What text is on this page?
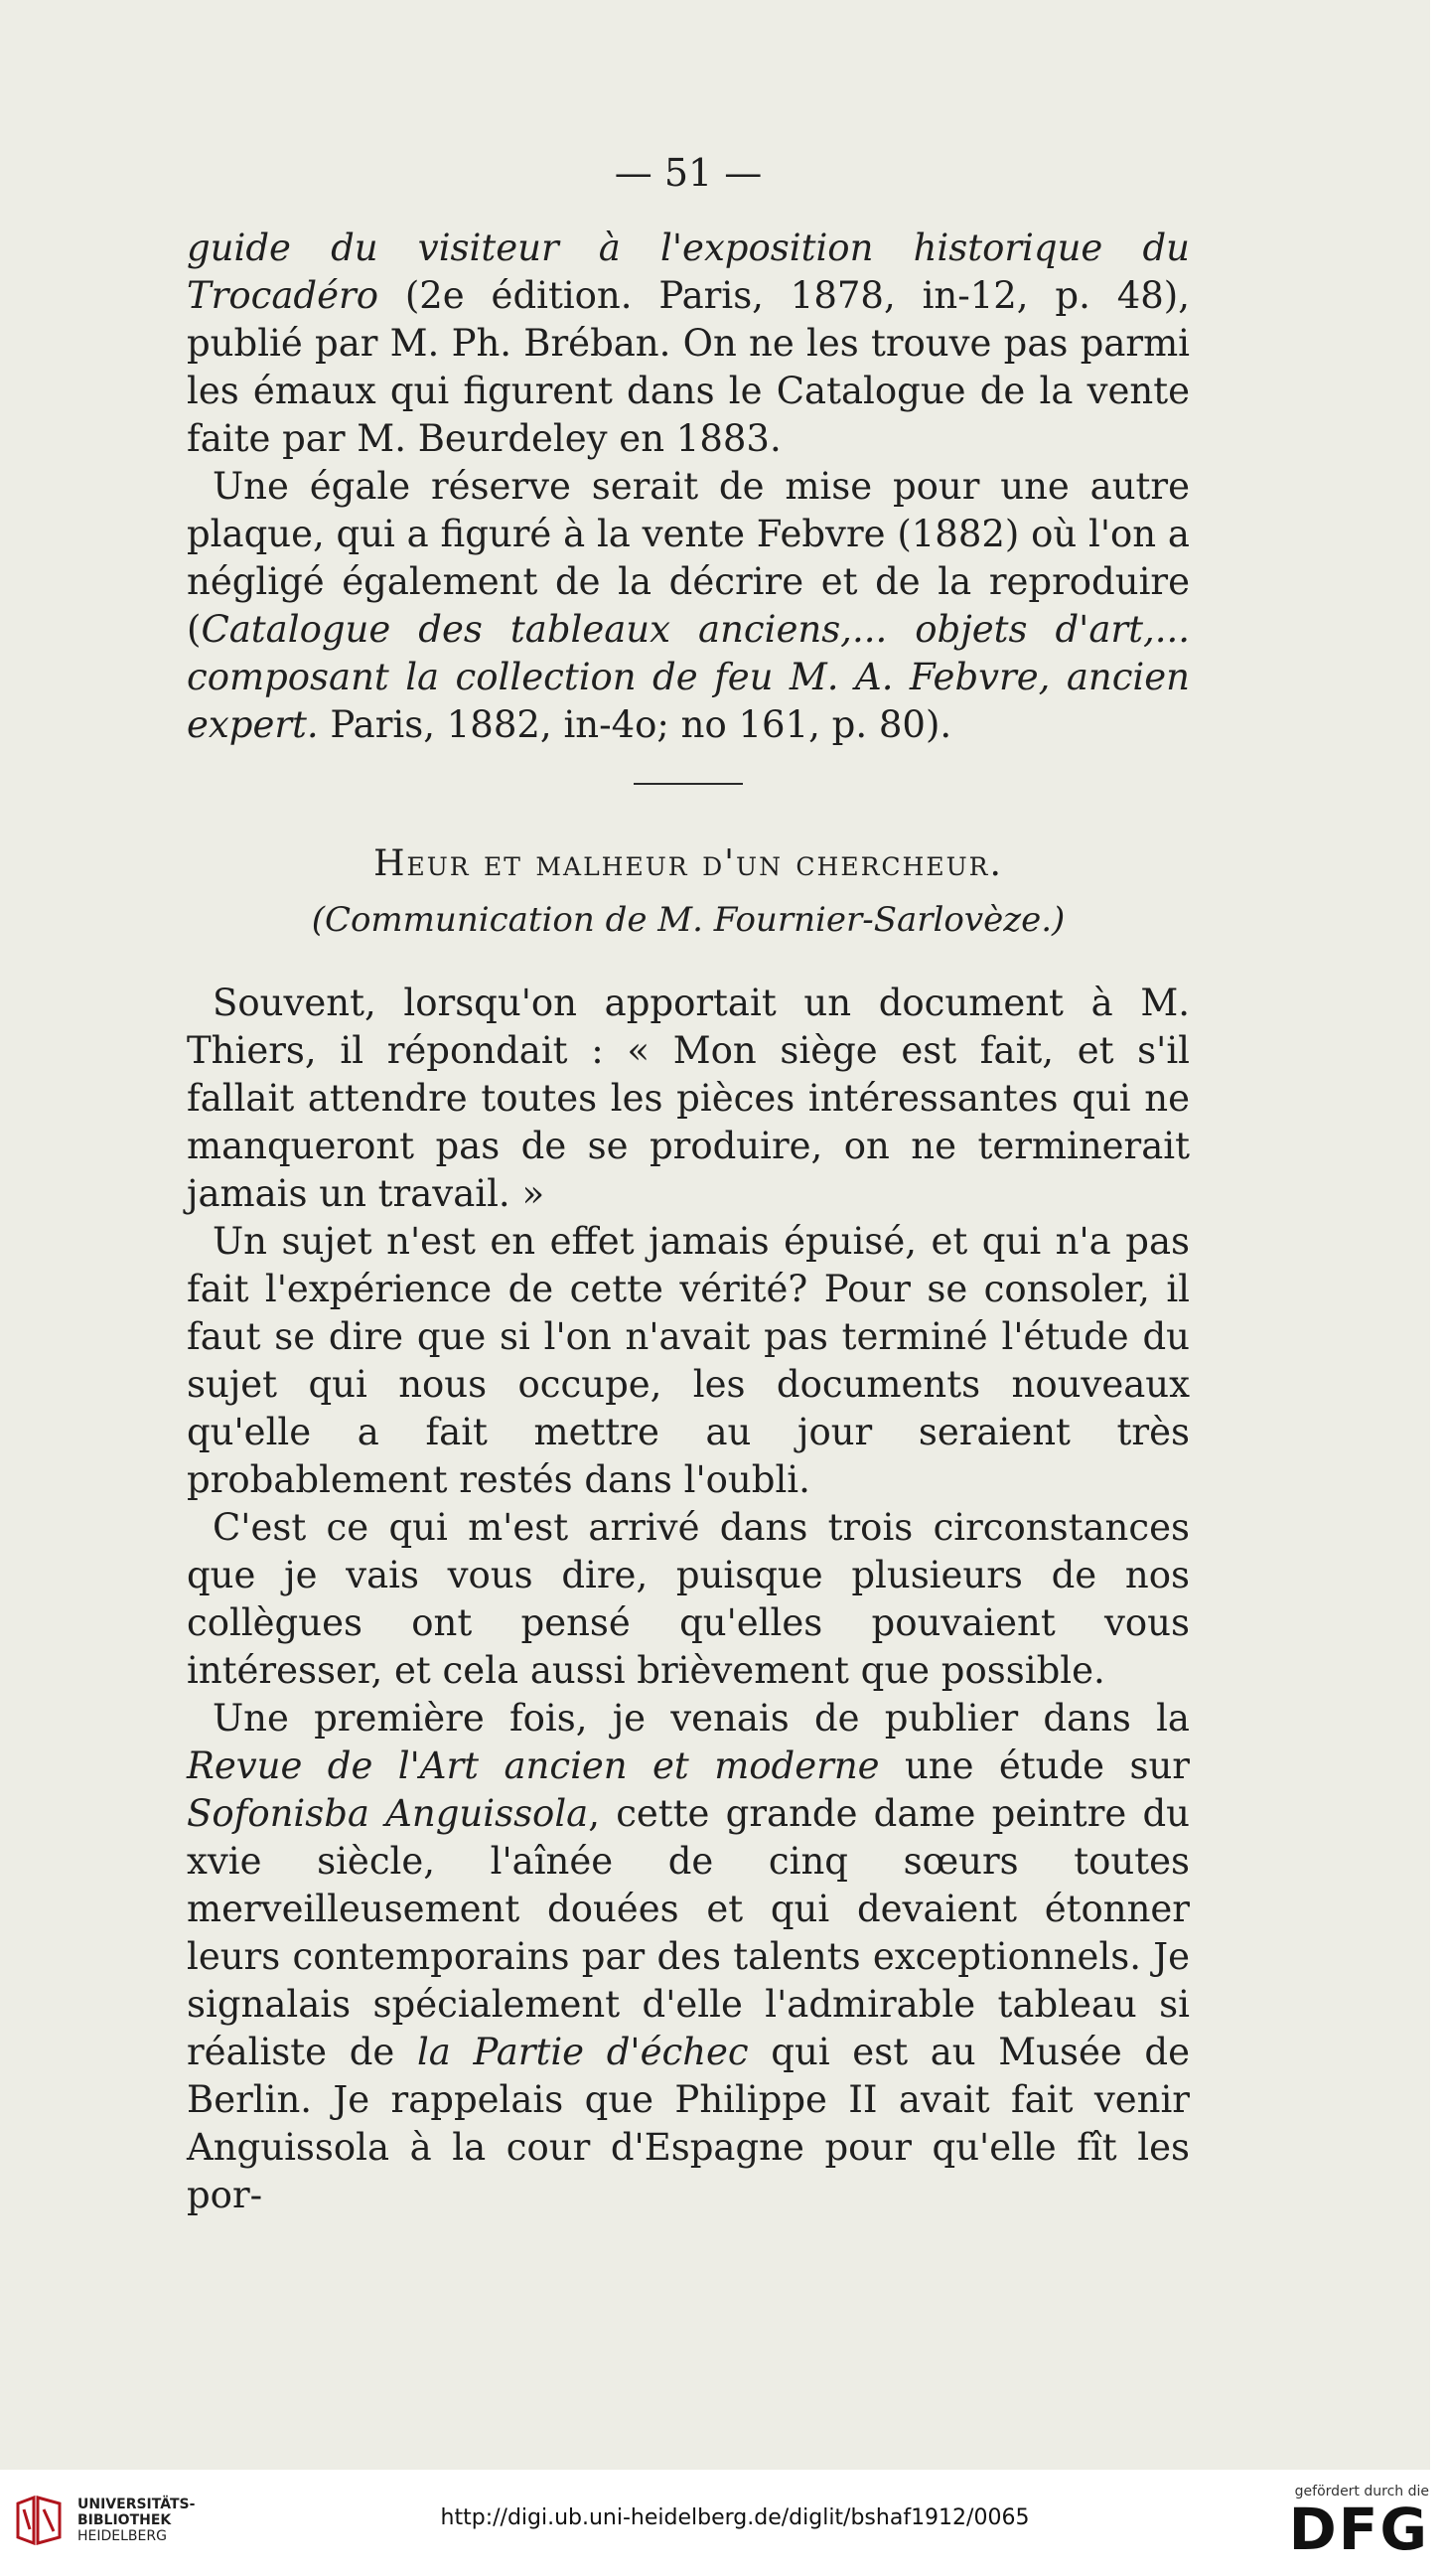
— 51 —

guide du visiteur à l'exposition historique du Trocadéro (2e édition. Paris, 1878, in-12, p. 48), publié par M. Ph. Bréban. On ne les trouve pas parmi les émaux qui figurent dans le Catalogue de la vente faite par M. Beurdeley en 1883.

Une égale réserve serait de mise pour une autre plaque, qui a figuré à la vente Febvre (1882) où l'on a négligé également de la décrire et de la reproduire (Catalogue des tableaux anciens,... objets d'art,... composant la collection de feu M. A. Febvre, ancien expert. Paris, 1882, in-4o; no 161, p. 80).

Heur et malheur d'un chercheur.
(Communication de M. Fournier-Sarlovèze.)

Souvent, lorsqu'on apportait un document à M. Thiers, il répondait : « Mon siège est fait, et s'il fallait attendre toutes les pièces intéressantes qui ne manqueront pas de se produire, on ne terminerait jamais un travail. »

Un sujet n'est en effet jamais épuisé, et qui n'a pas fait l'expérience de cette vérité? Pour se consoler, il faut se dire que si l'on n'avait pas terminé l'étude du sujet qui nous occupe, les documents nouveaux qu'elle a fait mettre au jour seraient très probablement restés dans l'oubli.

C'est ce qui m'est arrivé dans trois circonstances que je vais vous dire, puisque plusieurs de nos collègues ont pensé qu'elles pouvaient vous intéresser, et cela aussi brièvement que possible.

Une première fois, je venais de publier dans la Revue de l'Art ancien et moderne une étude sur Sofonisba Anguissola, cette grande dame peintre du xvie siècle, l'aînée de cinq sœurs toutes merveilleusement douées et qui devaient étonner leurs contemporains par des talents exceptionnels. Je signalais spécialement d'elle l'admirable tableau si réaliste de la Partie d'échec qui est au Musée de Berlin. Je rappelais que Philippe II avait fait venir Anguissola à la cour d'Espagne pour qu'elle fît les por-

UNIVERSITÄTS-
BIBLIOTHEK
HEIDELBERG
http://digi.ub.uni-heidelberg.de/diglit/bshaf1912/0065
gefördert durch die
DFG
